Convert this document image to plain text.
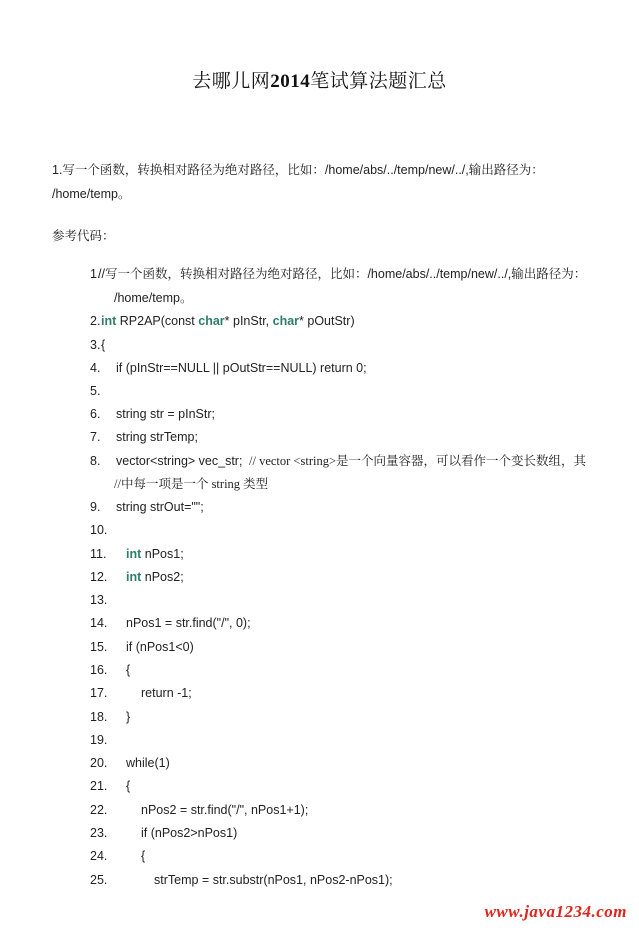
去哪儿网2014笔试算法题汇总
1.写一个函数，转换相对路径为绝对路径，比如：/home/abs/../temp/new/../,输出路径为：
/home/temp。
参考代码：
1.
//写一个函数，转换相对路径为绝对路径，比如：/home/abs/../temp/new/../,输出路径为：
/home/temp。
2. int RP2AP(const char* pInStr, char* pOutStr)
3. {
4.	if (pInStr==NULL || pOutStr==NULL) return 0;
5.
6.	string str = pInStr;
7.	string strTemp;
8.	vector<string> vec_str; // vector <string>是一个向量容器，可以看作一个变长数组，其
//中每一项是一个 string 类型
9.	string strOut="";
10.
11.	int nPos1;
12.	int nPos2;
13.
14.	nPos1 = str.find("/", 0);
15.	if (nPos1<0)
16.	{
17.	return -1;
18.	}
19.
20.	while(1)
21.	{
22.	nPos2 = str.find("/", nPos1+1);
23.	if (nPos2>nPos1)
24.	{
25.	strTemp = str.substr(nPos1, nPos2-nPos1);
www.java1234.com
